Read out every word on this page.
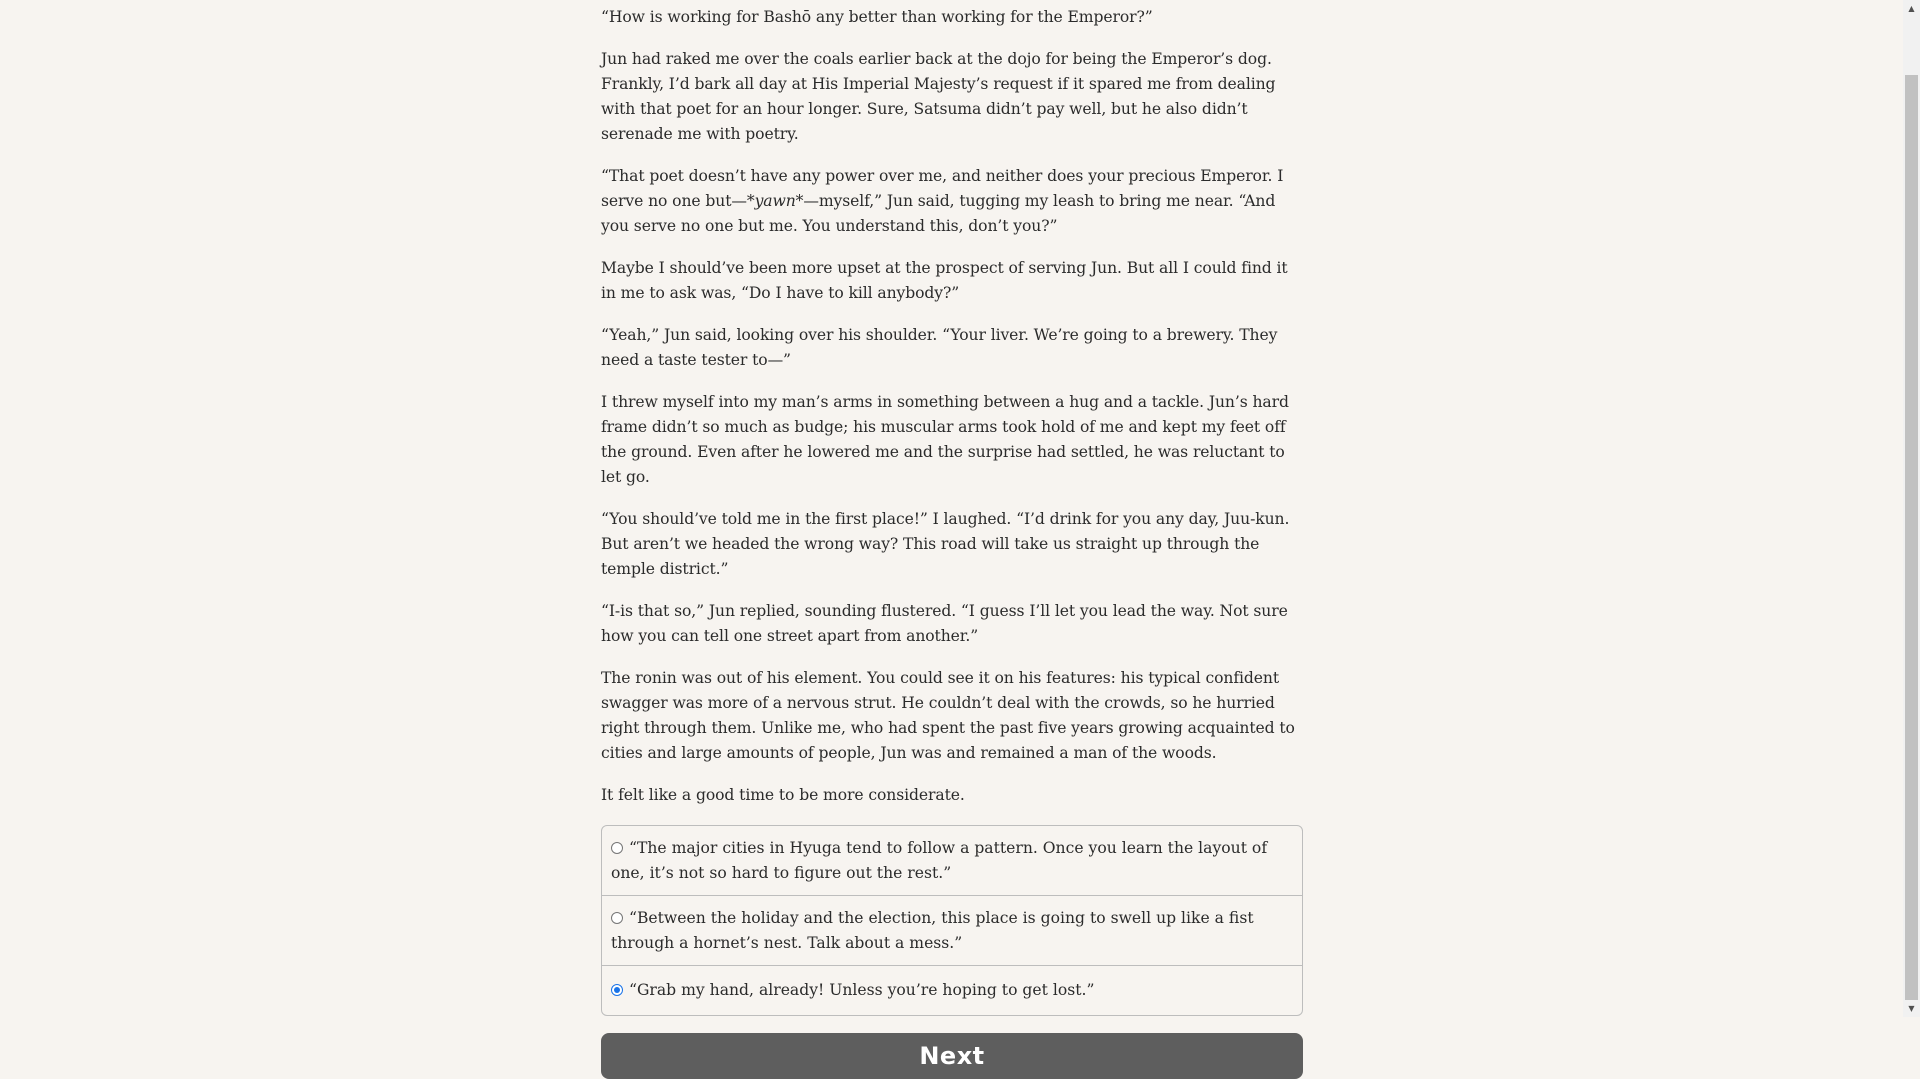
“How is working for Bashō any better than working for the Emperor?”

Jun had raked me over the coals earlier back at the dojo for being the Emperor’s dog. Frankly, I’d bark all day at His Imperial Majesty’s request if it spared me from dealing with that poet for an hour longer. Sure, Satsuma didn’t pay well, but he also didn’t serenade me with poetry.

“That poet doesn’t have any power over me, and neither does your precious Emperor. I serve no one but—*yawn*—myself,” Jun said, tugging my leash to bring me near. “And you serve no one but me. You understand this, don’t you?”

Maybe I should’ve been more upset at the prospect of serving Jun. But all I could find it in me to ask was, “Do I have to kill anybody?”

“Yeah,” Jun said, looking over his shoulder. “Your liver. We’re going to a brewery. They need a taste tester to—”

I threw myself into my man’s arms in something between a hug and a tackle. Jun’s hard frame didn’t so much as budge; his muscular arms took hold of me and kept my feet off the ground. Even after he lowered me and the surprise had settled, he was reluctant to let go.

“You should’ve told me in the first place!” I laughed. “I’d drink for you any day, Juu-kun. But aren’t we headed the wrong way? This road will take us straight up through the temple district.”

“I-is that so,” Jun replied, sounding flustered. “I guess I’ll let you lead the way. Not sure how you can tell one street apart from another.”

The ronin was out of his element. You could see it on his features: his typical confident swagger was more of a nervous strut. He couldn’t deal with the crowds, so he hurried right through them. Unlike me, who had spent the past five years growing acquainted to cities and large amounts of people, Jun was and remained a man of the woods.

It felt like a good time to be more considerate.

“The major cities in Hyuga tend to follow a pattern. Once you learn the layout of one, it’s not so hard to figure out the rest.”
“Between the holiday and the election, this place is going to swell up like a fist through a hornet’s nest. Talk about a mess.”
“Grab my hand, already! Unless you’re hoping to get lost.”
Next
▲
▼
